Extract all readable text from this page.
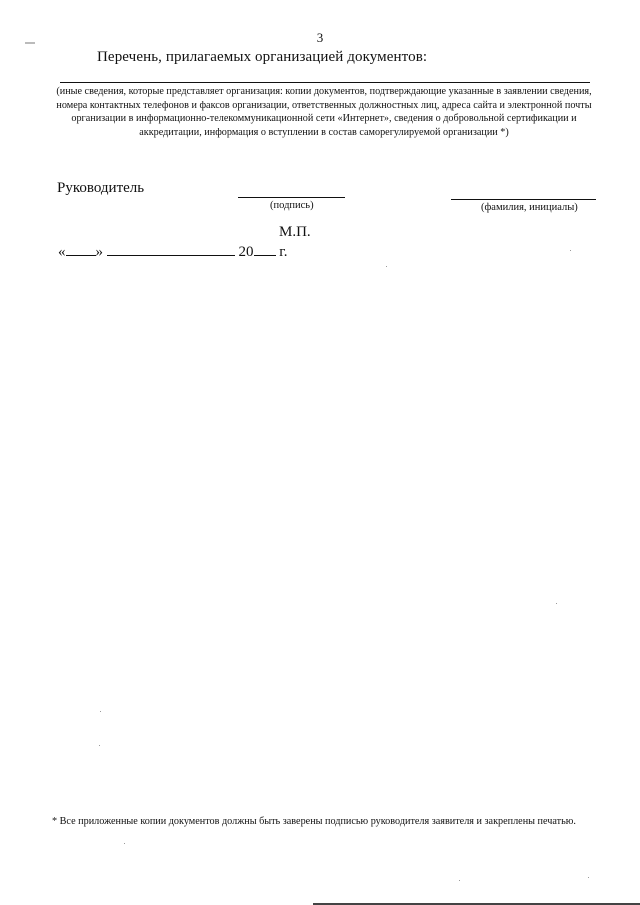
3
Перечень, прилагаемых организацией документов:
(иные сведения, которые представляет организация: копии документов, подтверждающие указанные в заявлении сведения, номера контактных телефонов и факсов организации, ответственных должностных лиц, адреса сайта и электронной почты организации в информационно-телекоммуникационной сети «Интернет», сведения о добровольной сертификации и аккредитации, информация о вступлении в состав саморегулируемой организации *)
Руководитель
(подпись)	(фамилия, инициалы)
М.П.
« »	20 г.
* Все приложенные копии документов должны быть заверены подписью руководителя заявителя и закреплены печатью.
